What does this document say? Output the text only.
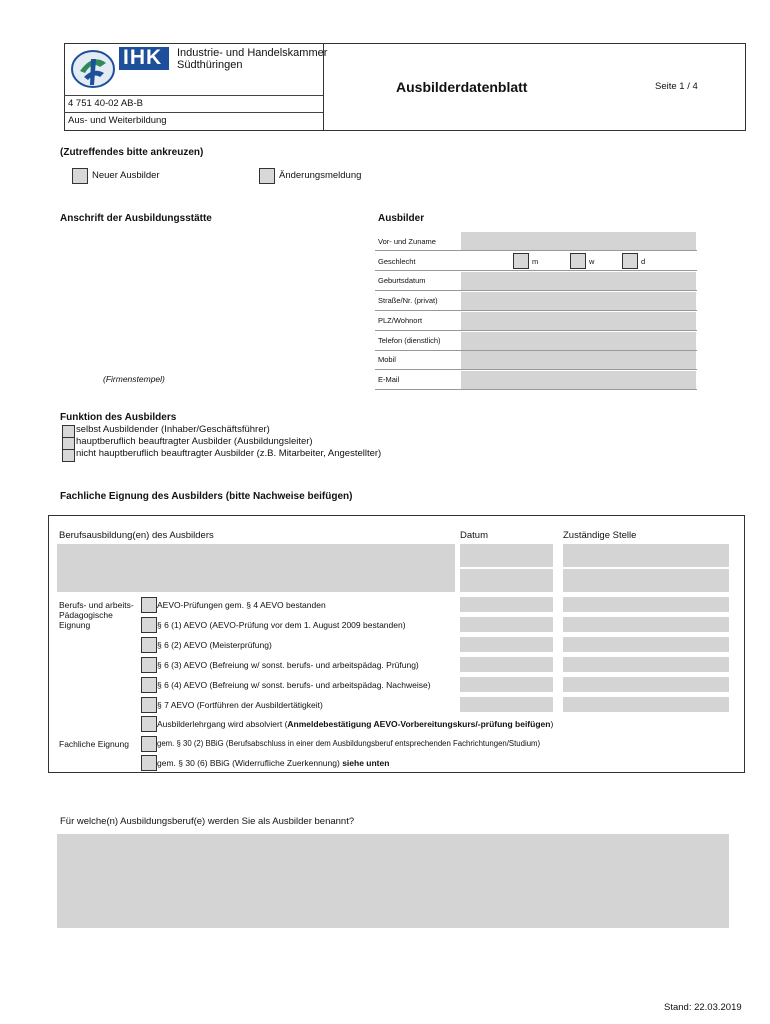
IHK Industrie- und Handelskammer
Südthüringen
Ausbilderdatenblatt	Seite 1 / 4
4 751 40-02 AB-B
Aus- und Weiterbildung
(Zutreffendes bitte ankreuzen)
Neuer Ausbilder	Änderungsmeldung
Anschrift der Ausbildungsstätte
(Firmenstempel)
Ausbilder
Vor- und Zuname
Geschlecht	m	w	d
Geburtsdatum
Straße/Nr. (privat)
PLZ/Wohnort
Telefon (dienstlich)
Mobil
E-Mail
Funktion des Ausbilders
selbst Ausbildender (Inhaber/Geschäftsführer)
hauptberuflich beauftragter Ausbilder (Ausbildungsleiter)
nicht hauptberuflich beauftragter Ausbilder (z.B. Mitarbeiter, Angestellter)
Fachliche Eignung des Ausbilders (bitte Nachweise beifügen)
Berufsausbildung(en) des Ausbilders	Datum	Zuständige Stelle
Berufs- und arbeits-
Pädagogische
Eignung
AEVO-Prüfungen gem. § 4 AEVO bestanden
§ 6 (1) AEVO (AEVO-Prüfung vor dem 1. August 2009 bestanden)
§ 6 (2) AEVO (Meisterprüfung)
§ 6 (3) AEVO (Befreiung w/ sonst. berufs- und arbeitspädag. Prüfung)
§ 6 (4) AEVO (Befreiung w/ sonst. berufs- und arbeitspädag. Nachweise)
§ 7 AEVO (Fortführen der Ausbildertätigkeit)
Ausbilderlehrgang wird absolviert (Anmeldebestätigung AEVO-Vorbereitungskurs/-prüfung beifügen)
Fachliche Eignung	gem. § 30 (2) BBiG (Berufsabschluss in einer dem Ausbildungsberuf entsprechenden Fachrichtungen/Studium)
gem. § 30 (6) BBiG (Widerrufliche Zuerkennung) siehe unten
Für welche(n) Ausbildungsberuf(e) werden Sie als Ausbilder benannt?
Stand: 22.03.2019
